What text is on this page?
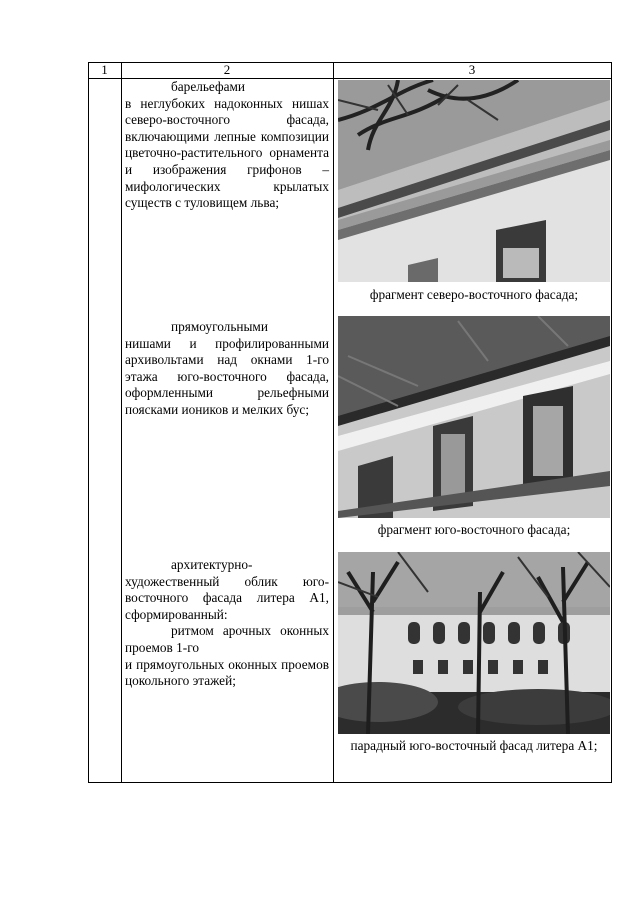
1	2	3

барельефами

в неглубоких надоконных нишах северо-восточного фасада, включающими лепные композиции цветочно-растительного орнамента и изображения грифонов – мифологических крылатых существ с туловищем льва;

фрагмент северо-восточного фасада;

прямоугольными

нишами и профилированными архивольтами над окнами 1-го этажа юго-восточного фасада, оформленными рельефными поясками иоников и мелких бус;

фрагмент юго-восточного фасада;

архитектурно-художественный облик юго-восточного фасада литера А1, сформированный:

ритмом арочных оконных проемов 1-го

и прямоугольных оконных проемов цокольного этажей;

парадный юго-восточный фасад литера А1;
